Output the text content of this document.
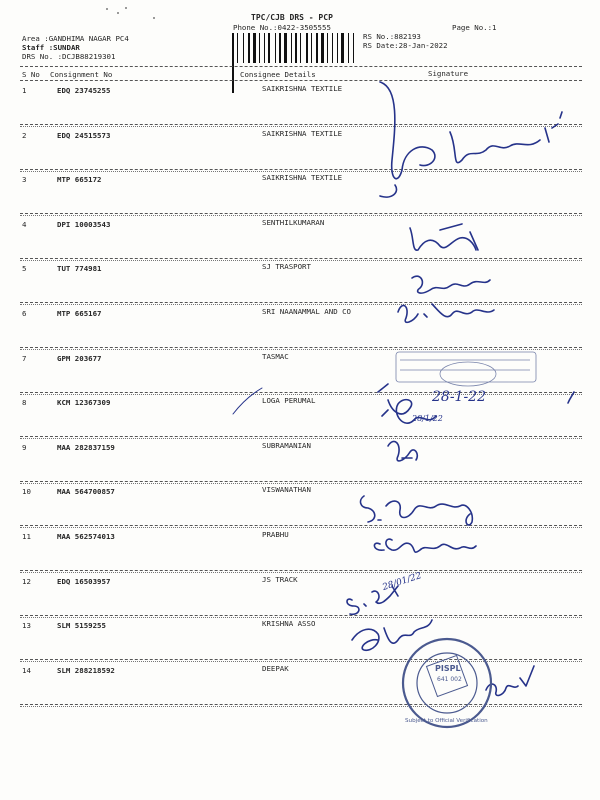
TPC/CJB DRS - PCP
Phone No.:0422-3505555	Page No.:1
Area :GANDHIMA NAGAR PC4
Staff :SUNDAR
DRS No. :DCJB88219301
RS No.:882193
RS Date:28-Jan-2022
S No Consignment No	Consignee Details	Signature
1	EDQ 23745255	SAIKRISHNA TEXTILE
2	EDQ 24515573	SAIKRISHNA TEXTILE
3	MTP 665172	SAIKRISHNA TEXTILE
4	DPI 10003543	SENTHILKUMARAN
5	TUT 774981	SJ TRASPORT
6	MTP 665167	SRI NAANAMMAL AND CO
7	GPM 203677	TASMAC
8	KCM 12367309	LOGA PERUMAL
9	MAA 282837159	SUBRAMANIAN
10	MAA 564700857	VISWANATHAN
11	MAA 562574013	PRABHU
12	EDQ 16503957	JS TRACK
13	SLM 5159255	KRISHNA ASSO
14	SLM 288218592	DEEPAK	PISPL
641 002
Subject to Official Verification
28-1-22
28/1/22
28/01/22
